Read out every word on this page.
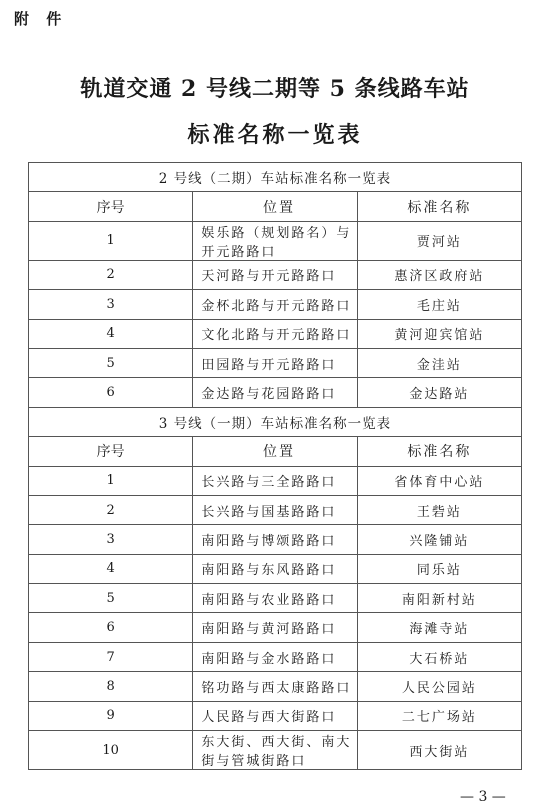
附 件
轨道交通 2 号线二期等 5 条线路车站
标准名称一览表
2 号线（二期）车站标准名称一览表		
序号	位置	标准名称
1	娱乐路（规划路名）与开元路路口	贾河站
2	天河路与开元路路口	惠济区政府站
3	金杯北路与开元路路口	毛庄站
4	文化北路与开元路路口	黄河迎宾馆站
5	田园路与开元路路口	金洼站
6	金达路与花园路路口	金达路站
3 号线（一期）车站标准名称一览表		
序号	位置	标准名称
1	长兴路与三全路路口	省体育中心站
2	长兴路与国基路路口	王砦站
3	南阳路与博颂路路口	兴隆铺站
4	南阳路与东风路路口	同乐站
5	南阳路与农业路路口	南阳新村站
6	南阳路与黄河路路口	海滩寺站
7	南阳路与金水路路口	大石桥站
8	铭功路与西太康路路口	人民公园站
9	人民路与西大街路口	二七广场站
10	东大街、西大街、南大街与管城街路口	西大街站
— 3 —
